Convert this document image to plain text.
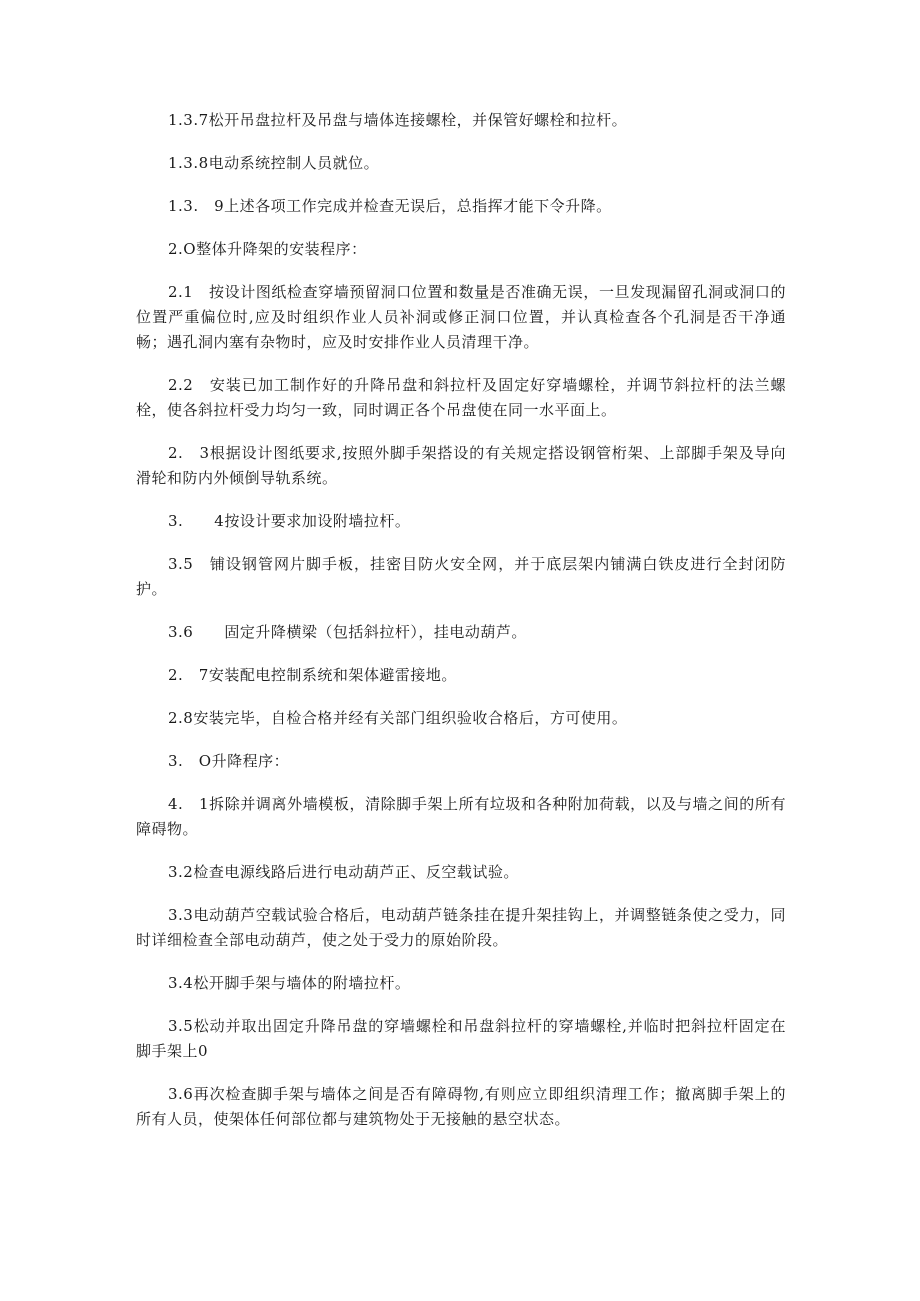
1.3.7松开吊盘拉杆及吊盘与墙体连接螺栓，并保管好螺栓和拉杆。

1.3.8电动系统控制人员就位。

1.3.　9上述各项工作完成并检查无误后，总指挥才能下令升降。

2.O整体升降架的安装程序：

2.1　按设计图纸检查穿墙预留洞口位置和数量是否准确无误，一旦发现漏留孔洞或洞口的位置严重偏位时,应及时组织作业人员补洞或修正洞口位置，并认真检查各个孔洞是否干净通畅；遇孔洞内塞有杂物时，应及时安排作业人员清理干净。

2.2　安装已加工制作好的升降吊盘和斜拉杆及固定好穿墙螺栓，并调节斜拉杆的法兰螺栓，使各斜拉杆受力均匀一致，同时调正各个吊盘使在同一水平面上。

2.　3根据设计图纸要求,按照外脚手架搭设的有关规定搭设钢管桁架、上部脚手架及导向滑轮和防内外倾倒导轨系统。

3.　　4按设计要求加设附墙拉杆。

3.5　铺设钢管网片脚手板，挂密目防火安全网，并于底层架内铺满白铁皮进行全封闭防护。

3.6　　固定升降横梁（包括斜拉杆），挂电动葫芦。

2.　7安装配电控制系统和架体避雷接地。

2.8安装完毕，自检合格并经有关部门组织验收合格后，方可使用。

3.　O升降程序：

4.　1拆除并调离外墙模板，清除脚手架上所有垃圾和各种附加荷载，以及与墙之间的所有障碍物。

3.2检查电源线路后进行电动葫芦正、反空载试验。

3.3电动葫芦空载试验合格后，电动葫芦链条挂在提升架挂钩上，并调整链条使之受力，同时详细检查全部电动葫芦，使之处于受力的原始阶段。

3.4松开脚手架与墙体的附墙拉杆。

3.5松动并取出固定升降吊盘的穿墙螺栓和吊盘斜拉杆的穿墙螺栓,并临时把斜拉杆固定在脚手架上0

3.6再次检查脚手架与墙体之间是否有障碍物,有则应立即组织清理工作；撤离脚手架上的所有人员，使架体任何部位都与建筑物处于无接触的悬空状态。
